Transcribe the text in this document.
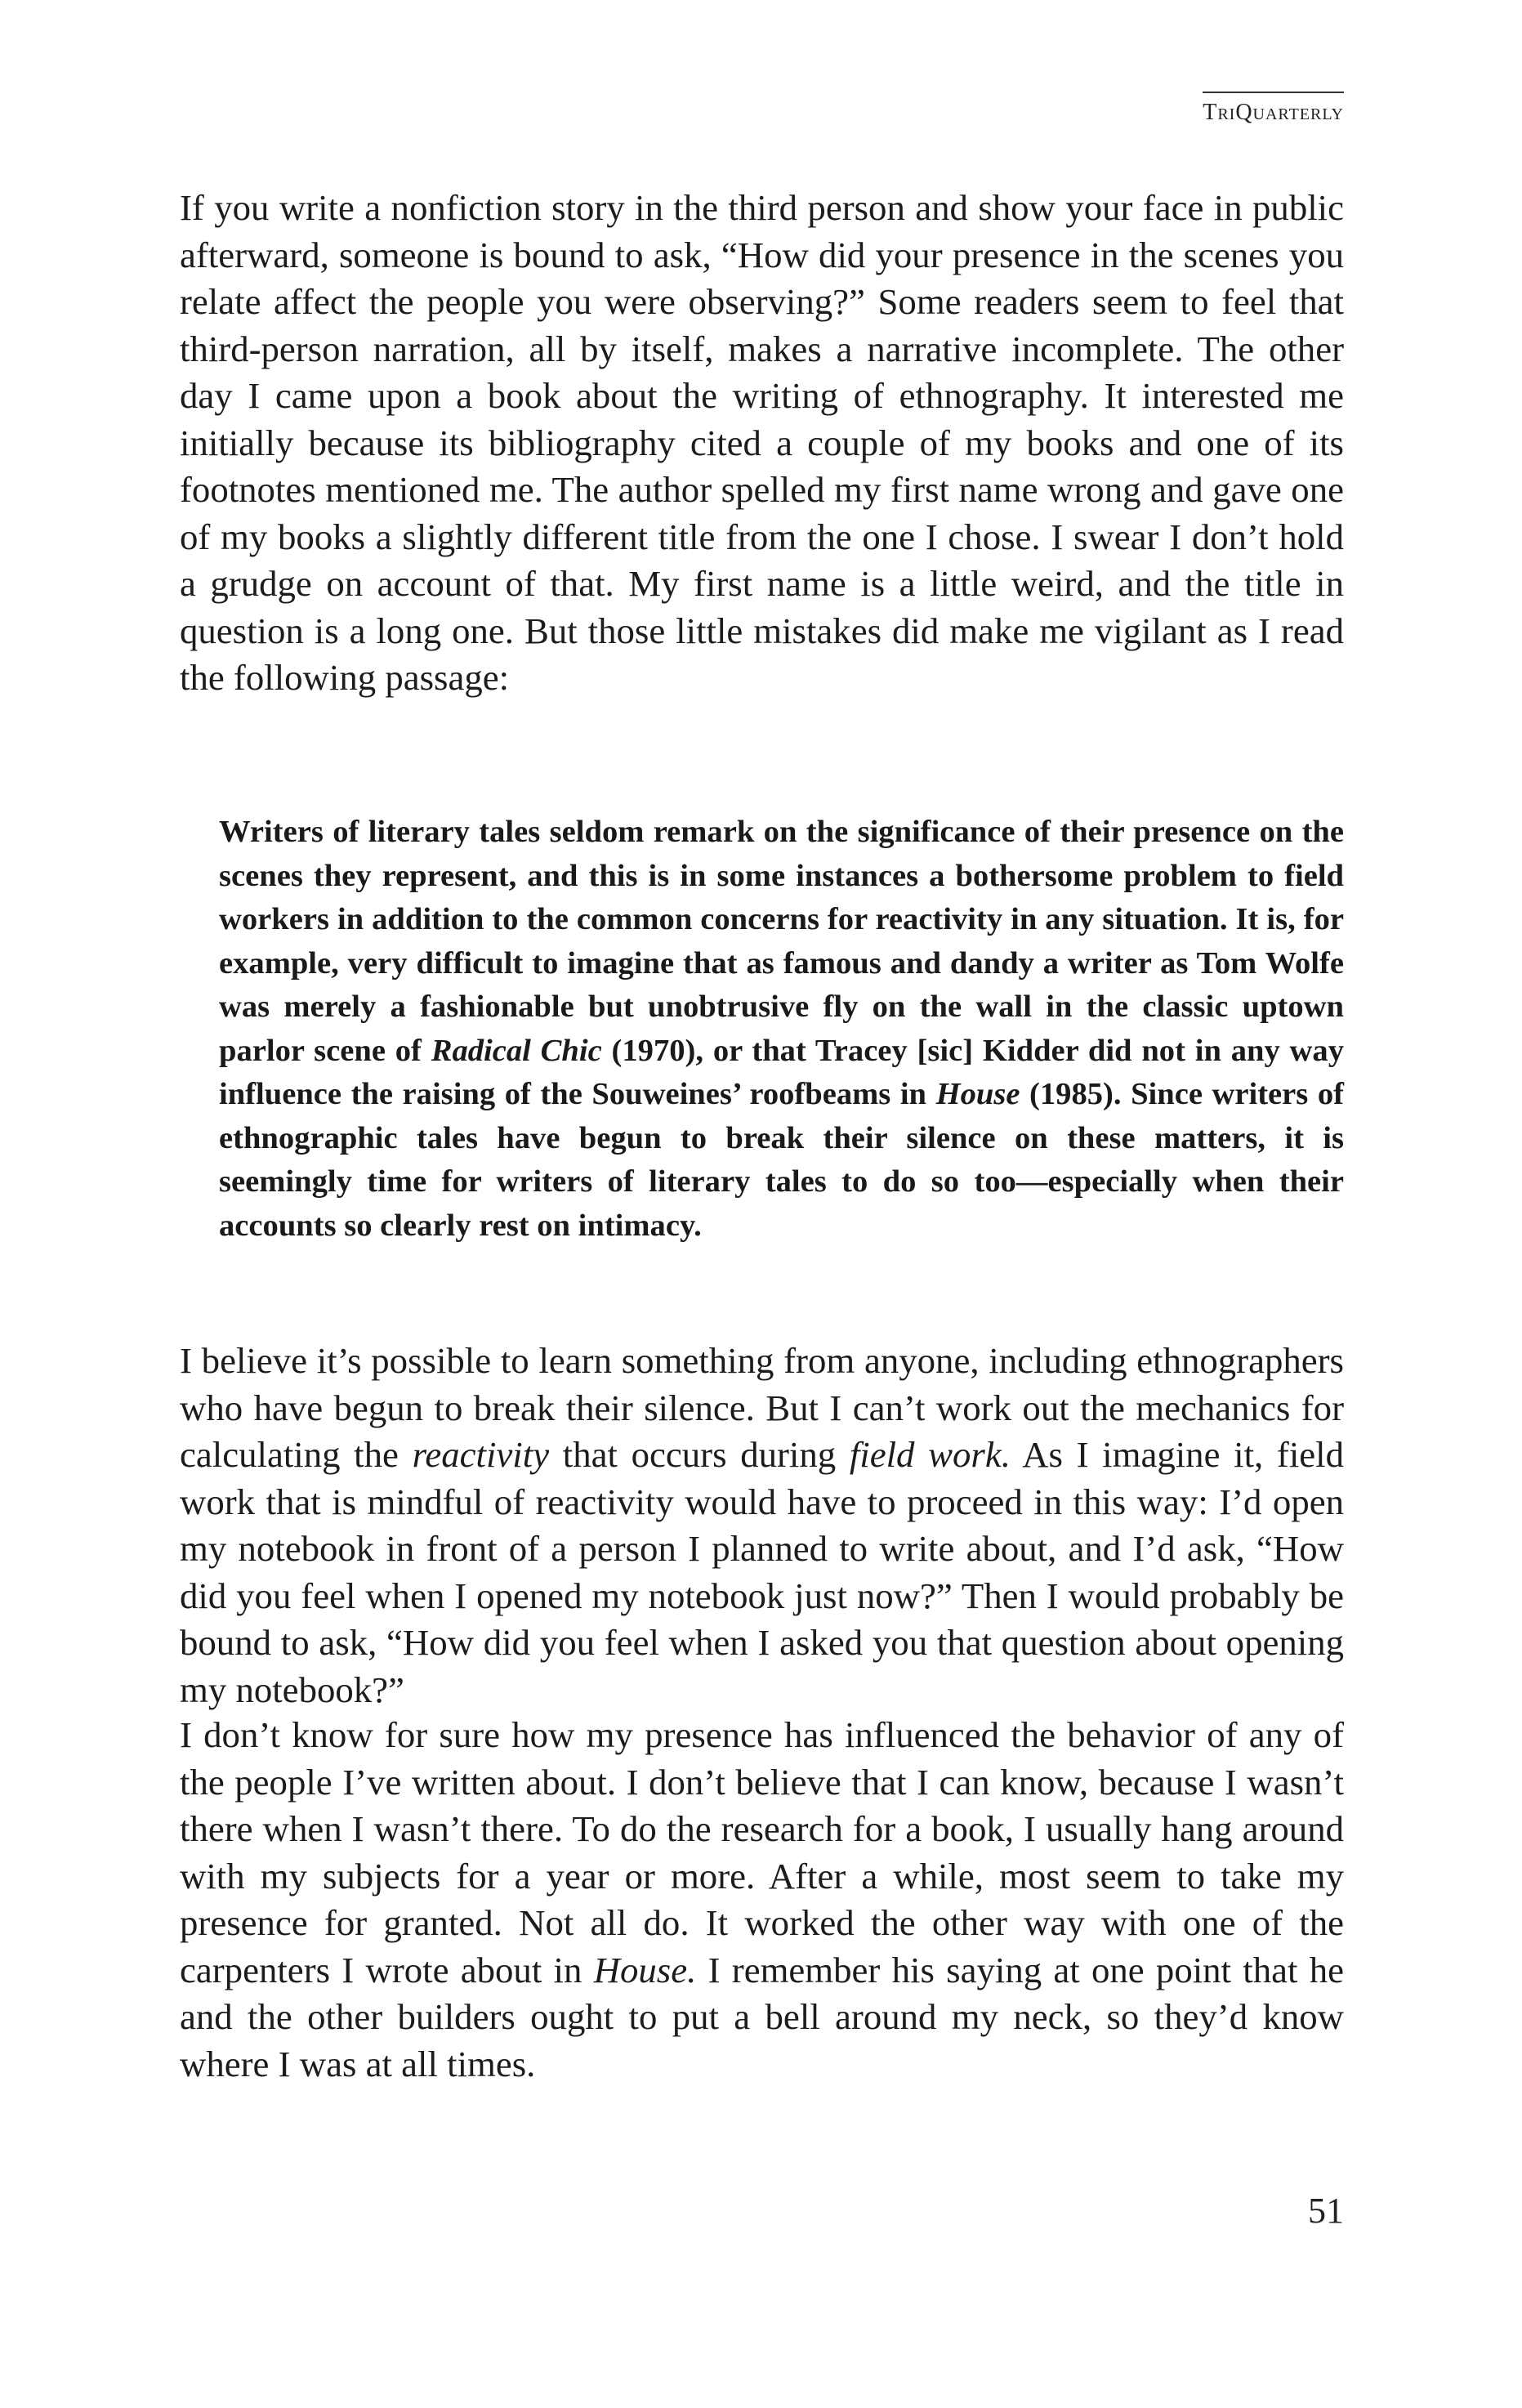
TriQuarterly

If you write a nonfiction story in the third person and show your face in public afterward, someone is bound to ask, “How did your presence in the scenes you relate affect the people you were observing?” Some readers seem to feel that third-person narration, all by itself, makes a narrative incomplete. The other day I came upon a book about the writing of ethnography. It interested me initially because its bibliography cited a couple of my books and one of its footnotes mentioned me. The author spelled my first name wrong and gave one of my books a slightly different title from the one I chose. I swear I don’t hold a grudge on account of that. My first name is a little weird, and the title in question is a long one. But those little mistakes did make me vigilant as I read the following passage:

Writers of literary tales seldom remark on the significance of their presence on the scenes they represent, and this is in some instances a bothersome problem to field workers in addition to the common concerns for reactivity in any situation. It is, for example, very difficult to imagine that as famous and dandy a writer as Tom Wolfe was merely a fashionable but unobtrusive fly on the wall in the classic uptown parlor scene of Radical Chic (1970), or that Tracey [sic] Kidder did not in any way influence the raising of the Souweines’ roofbeams in House (1985). Since writers of ethnographic tales have begun to break their silence on these matters, it is seemingly time for writers of literary tales to do so too—especially when their accounts so clearly rest on intimacy.

I believe it’s possible to learn something from anyone, including ethnographers who have begun to break their silence. But I can’t work out the mechanics for calculating the reactivity that occurs during field work. As I imagine it, field work that is mindful of reactivity would have to proceed in this way: I’d open my notebook in front of a person I planned to write about, and I’d ask, “How did you feel when I opened my notebook just now?” Then I would probably be bound to ask, “How did you feel when I asked you that question about opening my notebook?”

I don’t know for sure how my presence has influenced the behavior of any of the people I’ve written about. I don’t believe that I can know, because I wasn’t there when I wasn’t there. To do the research for a book, I usually hang around with my subjects for a year or more. After a while, most seem to take my presence for granted. Not all do. It worked the other way with one of the carpenters I wrote about in House. I remember his saying at one point that he and the other builders ought to put a bell around my neck, so they’d know where I was at all times.

51
